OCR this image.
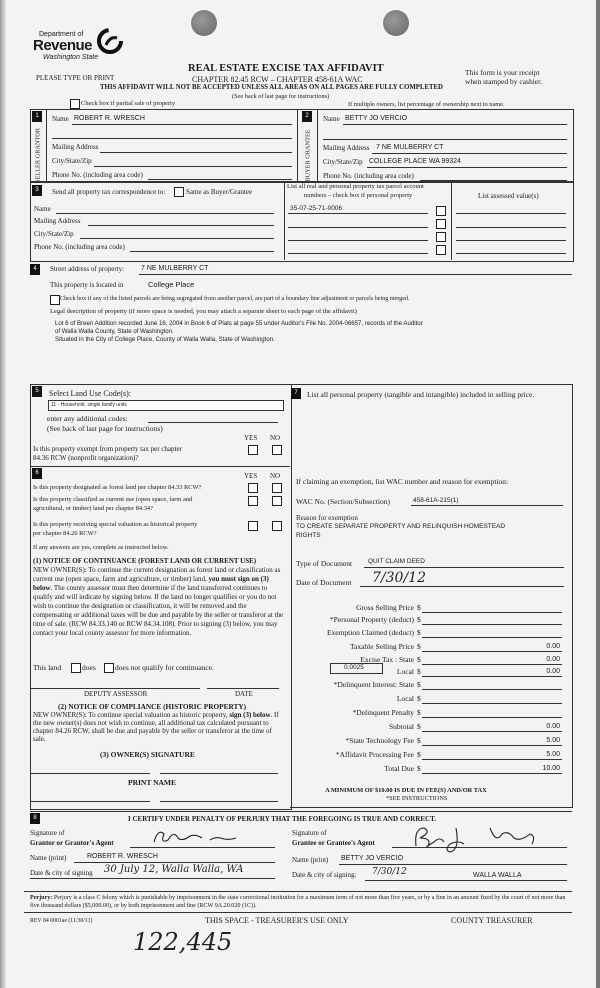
Department of
Revenue
Washington State
REAL ESTATE EXCISE TAX AFFIDAVIT
PLEASE TYPE OR PRINT	CHAPTER 82.45 RCW – CHAPTER 458-61A WAC
This form is your receipt
when stamped by cashier.
THIS AFFIDAVIT WILL NOT BE ACCEPTED UNLESS ALL AREAS ON ALL PAGES ARE FULLY COMPLETED
(See back of last page for instructions)
Check box if partial sale of property	If multiple owners, list percentage of ownership next to name.
1	2
SELLER GRANTOR	BUYER GRANTEE
Name ROBERT R. WRESCH
Mailing Address
City/State/Zip
Phone No. (including area code)
Name BETTY JO VERCIO
Mailing Address 7 NE MULBERRY CT
City/State/Zip COLLEGE PLACE WA 99324
Phone No. (including area code)
3	Send all property tax correspondence to:	Same as Buyer/Grantee
Name
Mailing Address
City/State/Zip
Phone No. (including area code)
List all real and personal property tax parcel account
numbers – check box if personal property	List assessed value(s)
35-07-25-71-0006
4	Street address of property: 7 NE MULBERRY CT
This property is located in	College Place
Check box if any of the listed parcels are being segregated from another parcel, are part of a boundary line adjustment or parcels being merged.
Legal description of property (if more space is needed, you may attach a separate sheet to each page of the affidavit)
Lot 6 of Breen Addition recorded June 16, 2004 in Book 6 of Plats at page 55 under Auditor's File No. 2004-06657, records of the Auditor
of Walla Walla County, State of Washington.
Situated in the City of College Place, County of Walla Walla, State of Washington.
5	Select Land Use Code(s):
11 - Household, single family units
enter any additional codes:
(See back of last page for instructions)
YES NO
Is this property exempt from property tax per chapter
84.36 RCW (nonprofit organization)?
6	YES NO
Is this property designated as forest land per chapter 84.33 RCW?
Is this property classified as current use (open space, farm and
agricultural, or timber) land per chapter 84.34?
Is this property receiving special valuation as historical property
per chapter 84.26 RCW?
If any answers are yes, complete as instructed below.
(1) NOTICE OF CONTINUANCE (FOREST LAND OR CURRENT USE)
NEW OWNER(S): To continue the current designation as forest land or classification as current use (open space, farm and agriculture, or timber) land, you must sign on (3) below. The county assessor must then determine if the land transferred continues to qualify and will indicate by signing below. If the land no longer qualifies or you do not wish to continue the designation or classification, it will be removed and the compensating or additional taxes will be due and payable by the seller or transferor at the time of sale. (RCW 84.33.140 or RCW 84.34.108). Prior to signing (3) below, you may contact your local county assessor for more information.
This land	does	does not qualify for continuance.
DEPUTY ASSESSOR	DATE
(2) NOTICE OF COMPLIANCE (HISTORIC PROPERTY)
NEW OWNER(S): To continue special valuation as historic property, sign (3) below. If the new owner(s) does not wish to continue, all additional tax calculated pursuant to chapter 84.26 RCW, shall be due and payable by the seller or transferor at the time of sale.
(3) OWNER(S) SIGNATURE
PRINT NAME
7	List all personal property (tangible and intangible) included in selling price.
If claiming an exemption, list WAC number and reason for exemption:
WAC No. (Section/Subsection)	458-61A-215(1)
Reason for exemption
TO CREATE SEPARATE PROPERTY AND RELINQUISH HOMESTEAD RIGHTS
Type of Document QUIT CLAIM DEED
Date of Document 7/30/12
Gross Selling Price $
*Personal Property (deduct) $
Exemption Claimed (deduct) $
Taxable Selling Price $	0.00
Excise Tax : State $	0.00
Local $	0.00
*Delinquent Interest: State $
Local $
*Delinquent Penalty $
Subtotal $	0.00
*State Technology Fee $	5.00
*Affidavit Processing Fee $	5.00
Total Due $	10.00
0.0025
A MINIMUM OF $10.00 IS DUE IN FEE(S) AND/OR TAX
*SEE INSTRUCTIONS
8	I CERTIFY UNDER PENALTY OF PERJURY THAT THE FOREGOING IS TRUE AND CORRECT.
Signature of
Grantor or Grantor's Agent
Name (print)	ROBERT R. WRESCH
Date & city of signing 30 July 12, Walla Walla, WA
Signature of
Grantee or Grantee's Agent
Name (print) BETTY JO VERCIO
Date & city of signing: 7/30/12	WALLA WALLA
Perjury: Perjury is a class C felony which is punishable by imprisonment in the state correctional institution for a maximum term of not more than five years, or by a fine in an amount fixed by the court of not more than five thousand dollars ($5,000.00), or by both imprisonment and fine (RCW 9A.20.020 (1C)).
REV 84 0001ae (11/30/11)	THIS SPACE - TREASURER'S USE ONLY	COUNTY TREASURER
122,445
